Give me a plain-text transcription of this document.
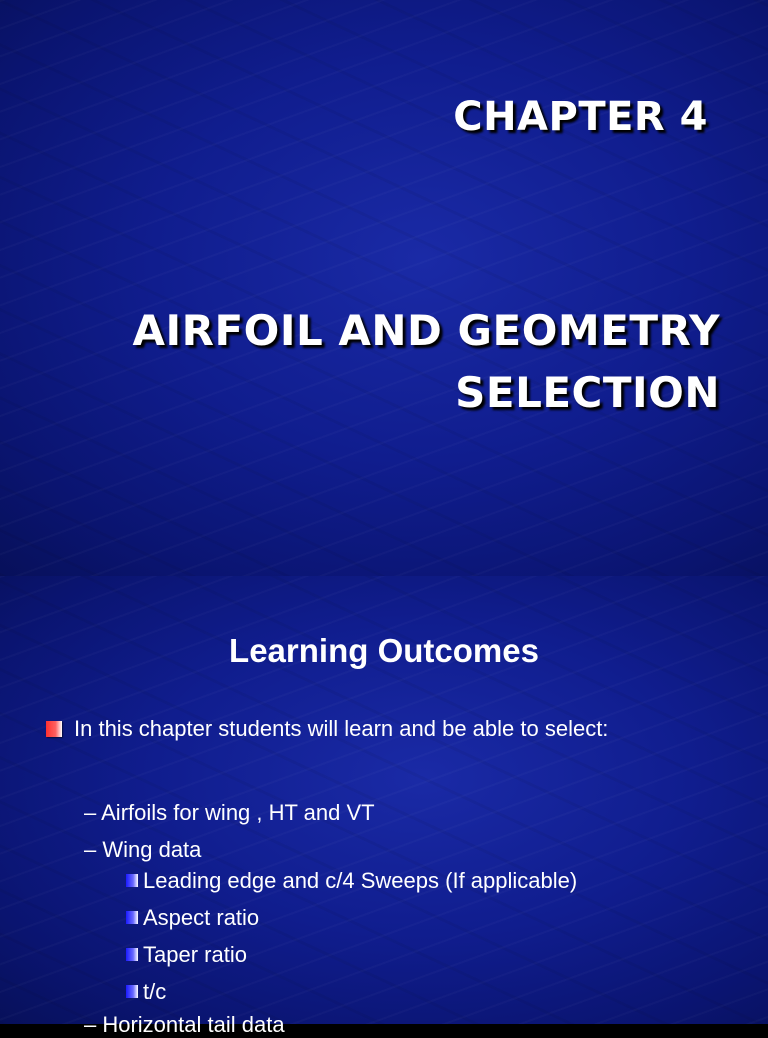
CHAPTER 4
AIRFOIL AND GEOMETRY
SELECTION
Learning Outcomes
In this chapter students will learn and be able to select:
– Airfoils for wing , HT and VT
– Wing data
Leading edge and c/4 Sweeps (If applicable)
Aspect ratio
Taper ratio
t/c
– Horizontal tail data
